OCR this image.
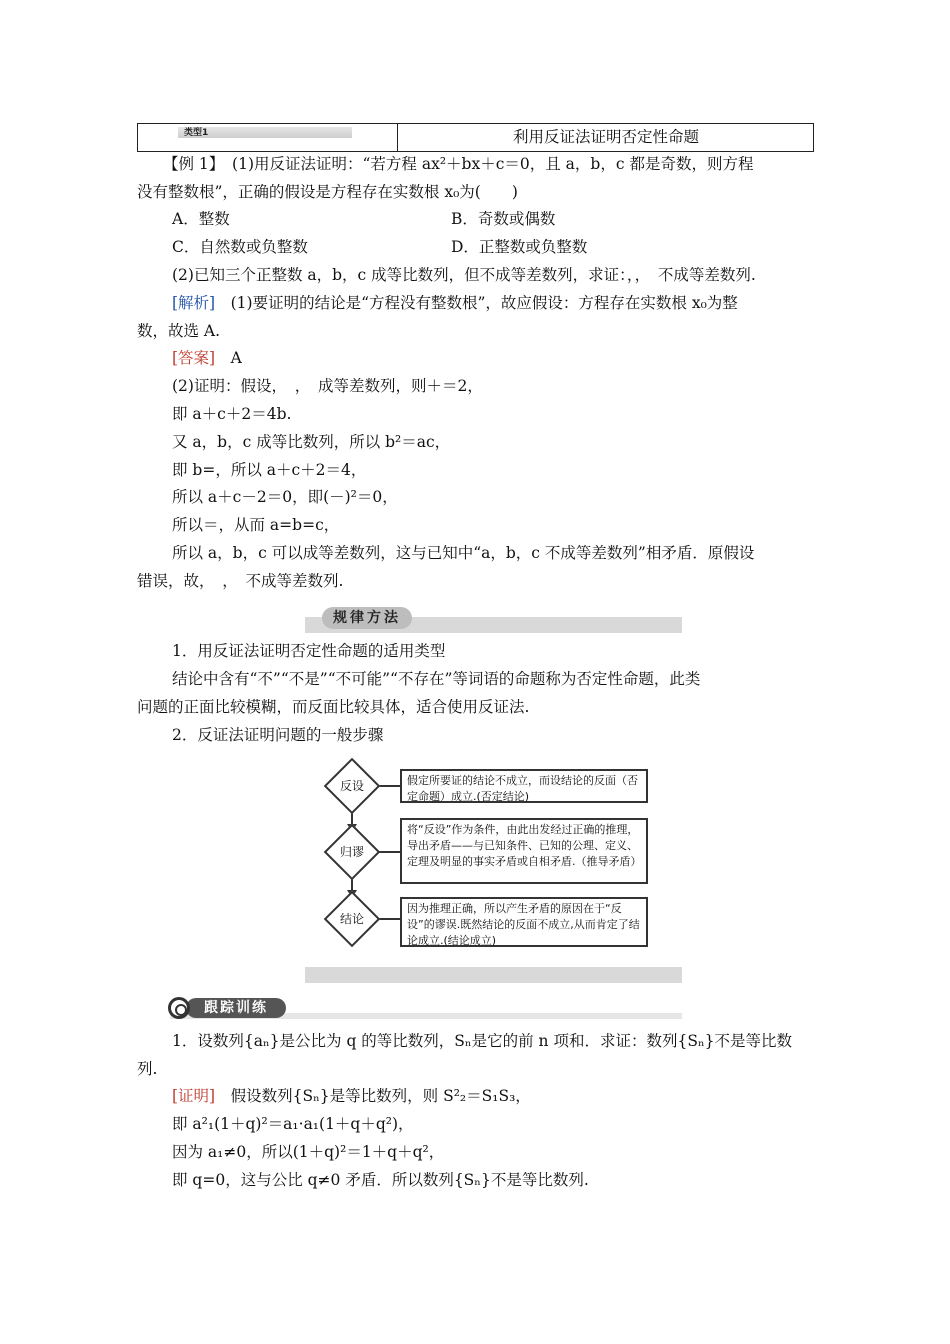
类型1	利用反证法证明否定性命题
【例 1】　(1)用反证法证明：“若方程 ax²＋bx＋c＝0，且 a，b，c 都是奇数，则方程
没有整数根”，正确的假设是方程存在实数根 x₀为(　　)
A．整数	B．奇数或偶数
C．自然数或负整数	D．正整数或负整数
(2)已知三个正整数 a，b，c 成等比数列，但不成等差数列，求证：，，　不成等差数列.
[解析]　(1)要证明的结论是“方程没有整数根”，故应假设：方程存在实数根 x₀为整
数，故选 A.
[答案]　A
(2)证明：假设，　，　成等差数列，则＋＝2，
即 a＋c＋2＝4b.
又 a，b，c 成等比数列，所以 b²＝ac，
即 b=，所以 a＋c＋2＝4，
所以 a＋c－2＝0，即(－)²＝0，
所以＝，从而 a=b=c，
所以 a，b，c 可以成等差数列，这与已知中“a，b，c 不成等差数列”相矛盾．原假设
错误，故，　，　不成等差数列.
规律方法
1．用反证法证明否定性命题的适用类型
结论中含有“不”“不是”“不可能”“不存在”等词语的命题称为否定性命题，此类
问题的正面比较模糊，而反面比较具体，适合使用反证法.
2．反证法证明问题的一般步骤
反设	假定所要证的结论不成立，而设结论的反面（否定命题）成立.(否定结论)
归谬
将“反设”作为条件，由此出发经过正确的推理，导出矛盾——与已知条件、已知的公理、定义、定理及明显的事实矛盾或自相矛盾.（推导矛盾）
结论
因为推理正确，所以产生矛盾的原因在于“反设”的谬误.既然结论的反面不成立,从而肯定了结论成立.(结论成立)
跟踪训练
1．设数列{aₙ}是公比为 q 的等比数列，Sₙ是它的前 n 项和．求证：数列{Sₙ}不是等比数
列.
[证明]　假设数列{Sₙ}是等比数列，则 S²₂＝S₁S₃，
即 a²₁(1＋q)²＝a₁·a₁(1＋q＋q²)，
因为 a₁≠0，所以(1＋q)²＝1＋q＋q²，
即 q=0，这与公比 q≠0 矛盾．所以数列{Sₙ}不是等比数列.
